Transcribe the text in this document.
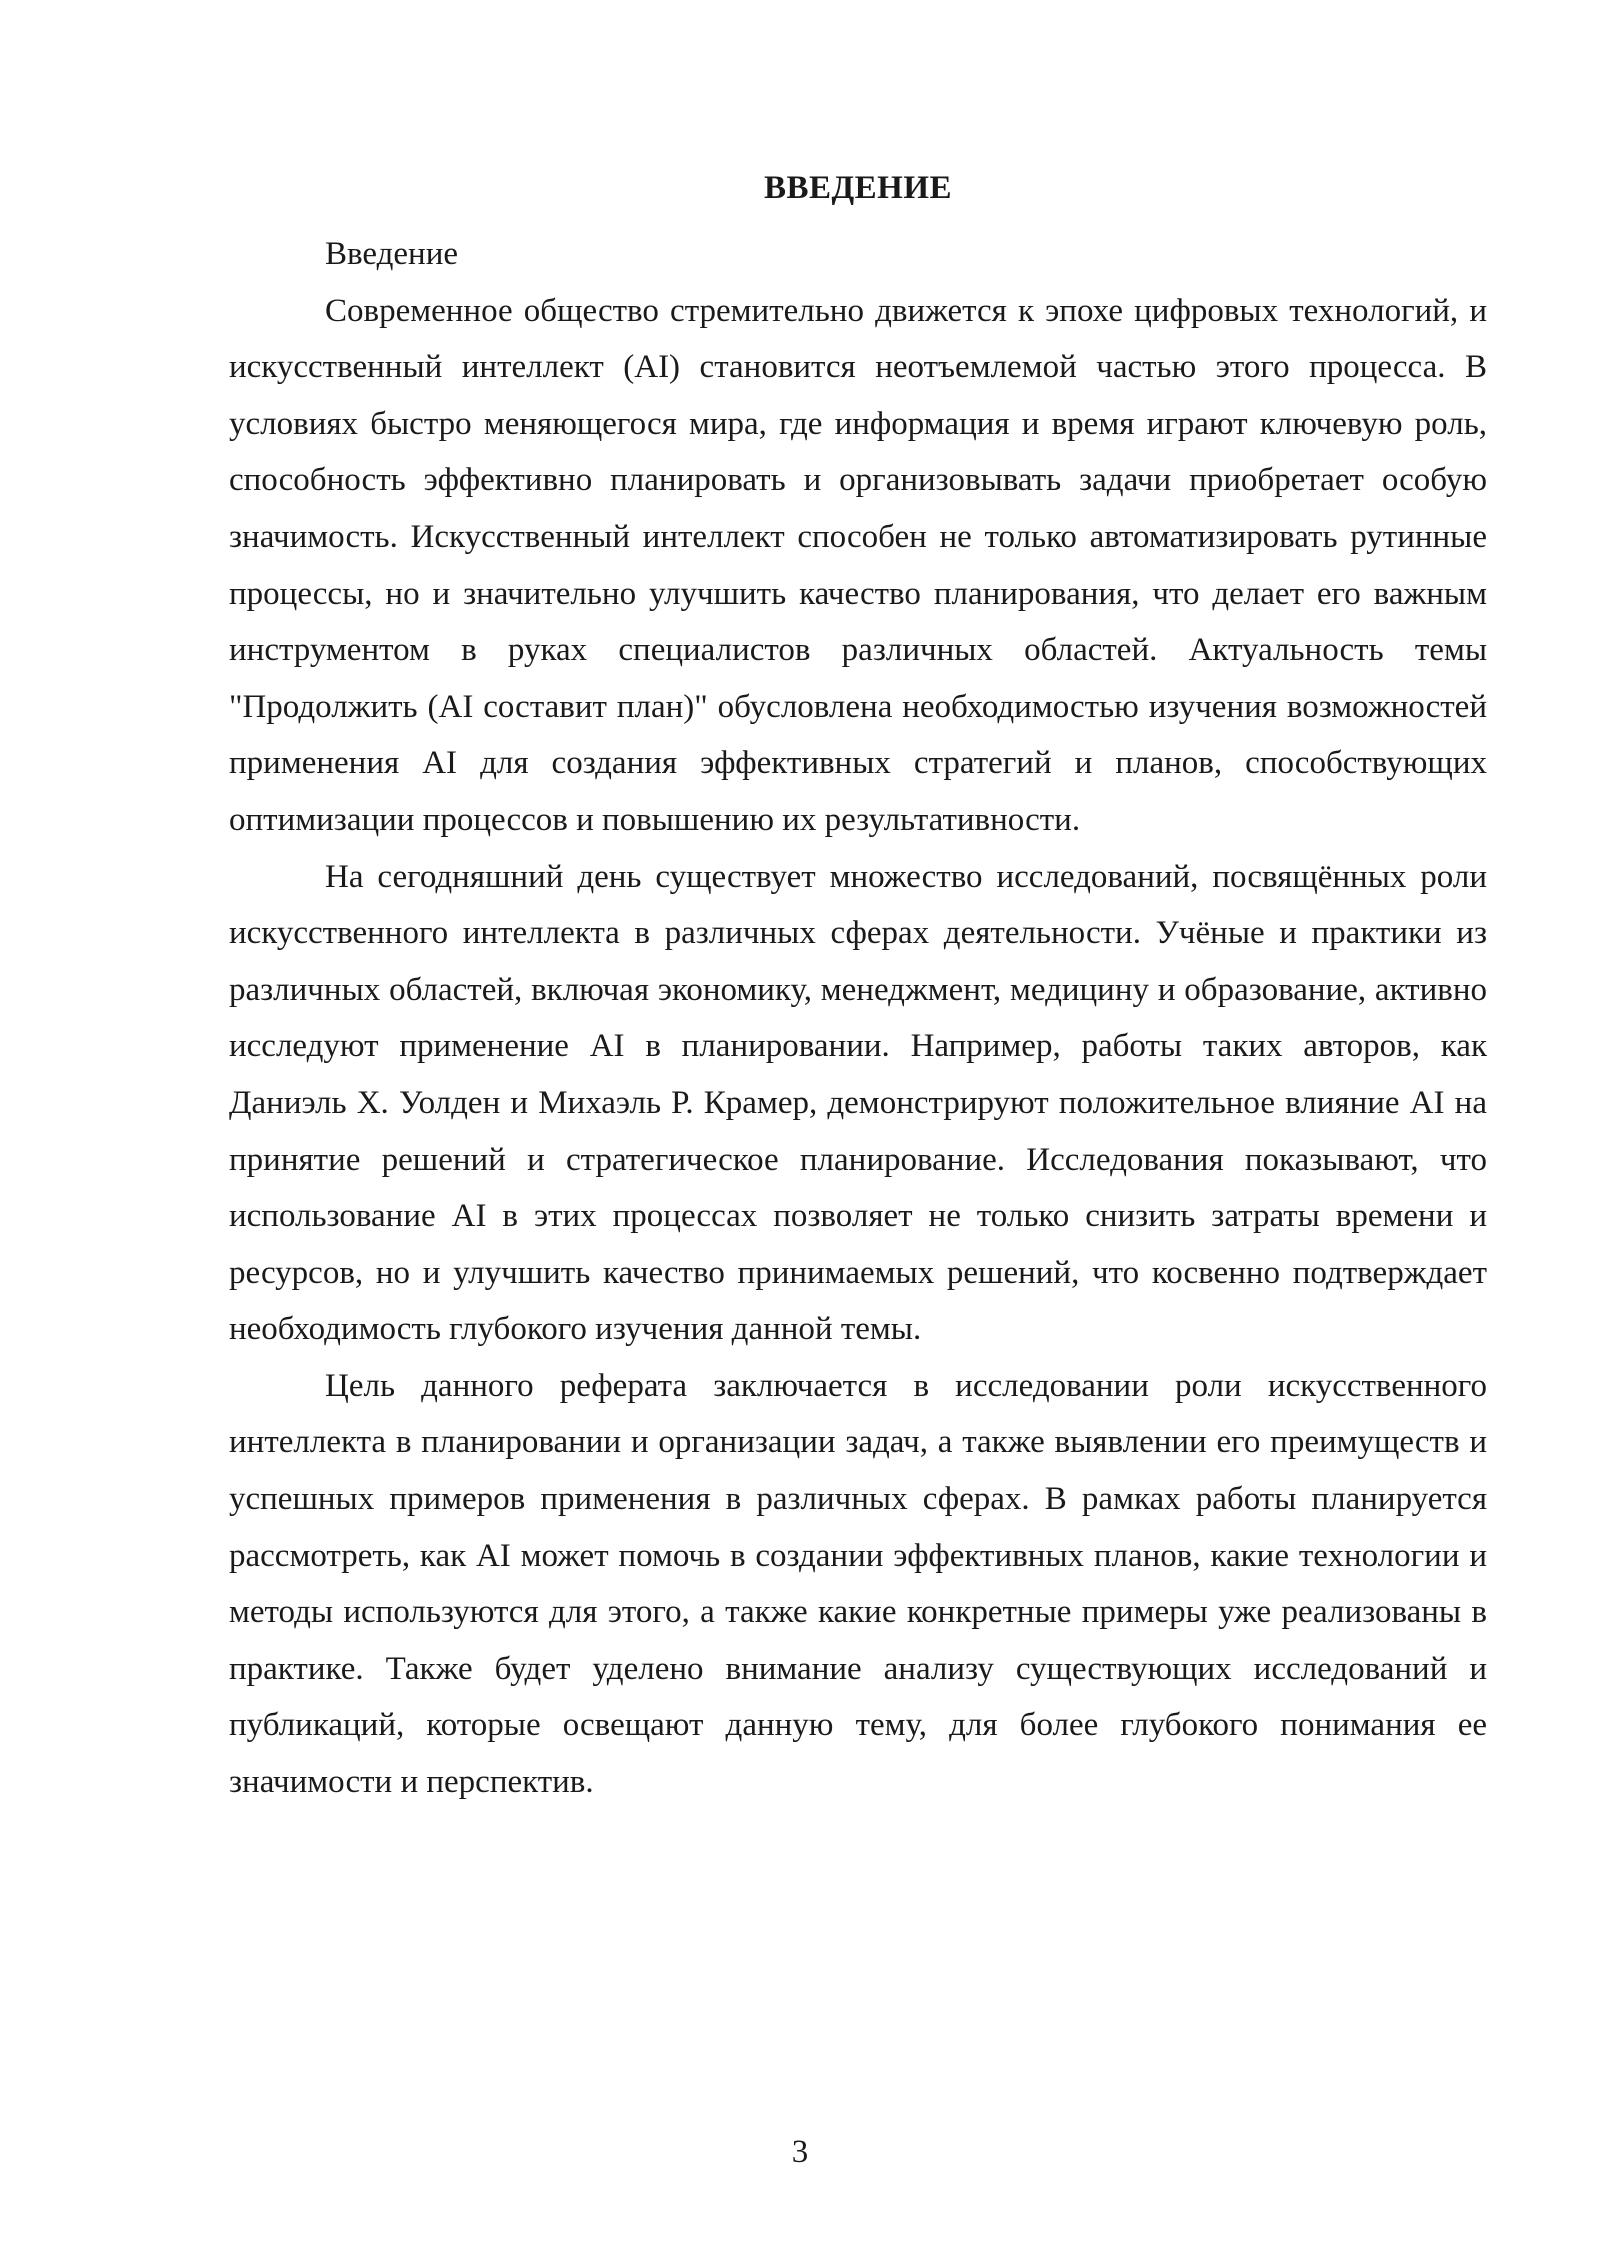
ВВЕДЕНИЕ

Введение

Современное общество стремительно движется к эпохе цифровых технологий, и искусственный интеллект (AI) становится неотъемлемой частью этого процесса. В условиях быстро меняющегося мира, где информация и время играют ключевую роль, способность эффективно планировать и организовывать задачи приобретает особую значимость. Искусственный интеллект способен не только автоматизировать рутинные процессы, но и значительно улучшить качество планирования, что делает его важным инструментом в руках специалистов различных областей. Актуальность темы "Продолжить (AI составит план)" обусловлена необходимостью изучения возможностей применения AI для создания эффективных стратегий и планов, способствующих оптимизации процессов и повышению их результативности.

На сегодняшний день существует множество исследований, посвящённых роли искусственного интеллекта в различных сферах деятельности. Учёные и практики из различных областей, включая экономику, менеджмент, медицину и образование, активно исследуют применение AI в планировании. Например, работы таких авторов, как Даниэль Х. Уолден и Михаэль Р. Крамер, демонстрируют положительное влияние AI на принятие решений и стратегическое планирование. Исследования показывают, что использование AI в этих процессах позволяет не только снизить затраты времени и ресурсов, но и улучшить качество принимаемых решений, что косвенно подтверждает необходимость глубокого изучения данной темы.

Цель данного реферата заключается в исследовании роли искусственного интеллекта в планировании и организации задач, а также выявлении его преимуществ и успешных примеров применения в различных сферах. В рамках работы планируется рассмотреть, как AI может помочь в создании эффективных планов, какие технологии и методы используются для этого, а также какие конкретные примеры уже реализованы в практике. Также будет уделено внимание анализу существующих исследований и публикаций, которые освещают данную тему, для более глубокого понимания ее значимости и перспектив.

3
